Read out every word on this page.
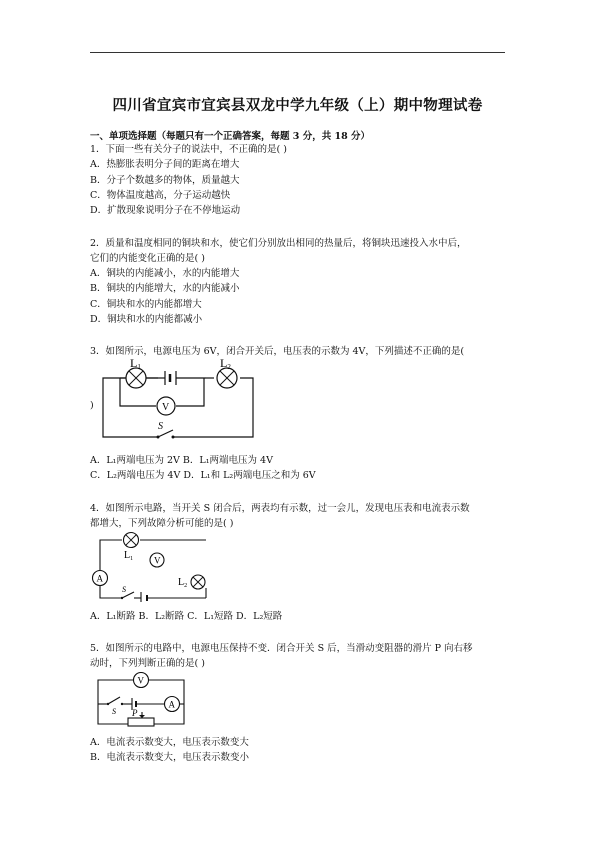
四川省宜宾市宜宾县双龙中学九年级（上）期中物理试卷
一、单项选择题（每题只有一个正确答案，每题 3 分，共 18 分）
1．下面一些有关分子的说法中，不正确的是( )
A．热膨胀表明分子间的距离在增大
B．分子个数越多的物体，质量越大
C．物体温度越高，分子运动越快
D．扩散现象说明分子在不停地运动
2．质量和温度相同的铜块和水，使它们分别放出相同的热量后，将铜块迅速投入水中后，
它们的内能变化正确的是( )
A．铜块的内能减小，水的内能增大
B．铜块的内能增大，水的内能减小
C．铜块和水的内能都增大
D．铜块和水的内能都减小
3．如图所示，电源电压为 6V，闭合开关后，电压表的示数为 4V，下列描述不正确的是(
)
L1	L2
V
S
A．L₁两端电压为 2V B．L₁两端电压为 4V
C．L₂两端电压为 4V D．L₁和 L₂两端电压之和为 6V
4．如图所示电路，当开关 S 闭合后，两表均有示数，过一会儿，发现电压表和电流表示数
都增大，下列故障分析可能的是( )
$L_1$ V
A
S
$L_2$
A．L₁断路 B．L₂断路 C．L₁短路 D．L₂短路
5．如图所示的电路中，电源电压保持不变．闭合开关 S 后，当滑动变阻器的滑片 P 向右移
动时，下列判断正确的是( )
V
S
A
P
A．电流表示数变大，电压表示数变大
B．电流表示数变大，电压表示数变小
